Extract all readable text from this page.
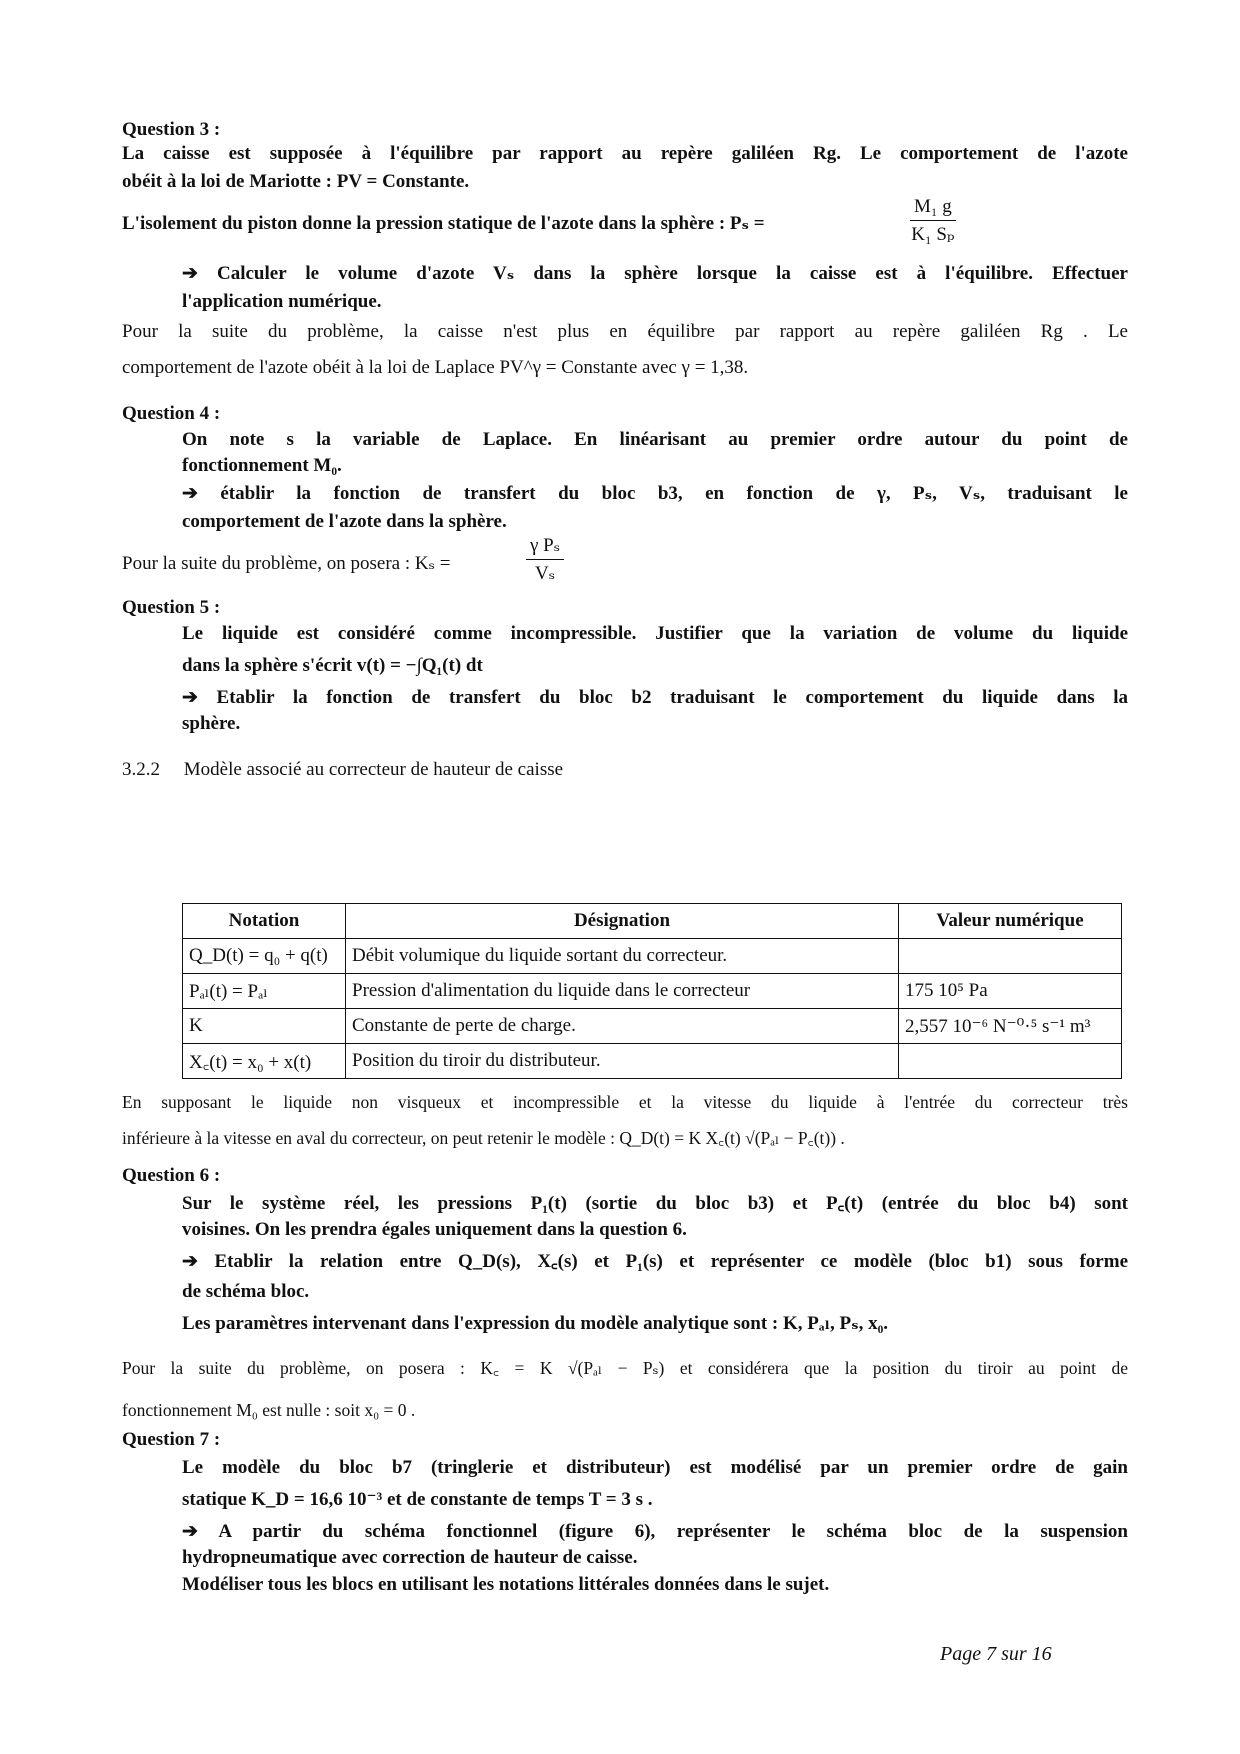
Question 3 :
La caisse est supposée à l'équilibre par rapport au repère galiléen Rg. Le comportement de l'azote
obéit à la loi de Mariotte : PV = Constante.
L'isolement du piston donne la pression statique de l'azote dans la sphère : Pₛ =	$\frac{\text{M₁ g}}{\text{K₁ Sₚ}}$
➔ Calculer le volume d'azote Vₛ dans la sphère lorsque la caisse est à l'équilibre. Effectuer
l'application numérique.
Pour la suite du problème, la caisse n'est plus en équilibre par rapport au repère galiléen Rg . Le
comportement de l'azote obéit à la loi de Laplace PV^γ = Constante avec γ = 1,38.
Question 4 :
On note s la variable de Laplace. En linéarisant au premier ordre autour du point de
fonctionnement M₀.
➔ établir la fonction de transfert du bloc b3, en fonction de γ, Pₛ, Vₛ, traduisant le
comportement de l'azote dans la sphère.
Pour la suite du problème, on posera : Kₛ =	$\frac{\text{γ Pₛ}}{\text{Vₛ}}$
Question 5 :
Le liquide est considéré comme incompressible. Justifier que la variation de volume du liquide
dans la sphère s'écrit v(t) = −∫Q₁(t) dt
➔ Etablir la fonction de transfert du bloc b2 traduisant le comportement du liquide dans la
sphère.
3.2.2     Modèle associé au correcteur de hauteur de caisse
Notation	Désignation	Valeur numérique
Q_D(t) = q₀ + q(t)	Débit volumique du liquide sortant du correcteur.	
Pₐₗ(t) = Pₐₗ	Pression d'alimentation du liquide dans le correcteur	175 10⁵ Pa
K	Constante de perte de charge.	2,557 10⁻⁶ N⁻⁰·⁵ s⁻¹ m³
X꜀(t) = x₀ + x(t)	Position du tiroir du distributeur.	
En supposant le liquide non visqueux et incompressible et la vitesse du liquide à l'entrée du correcteur très
inférieure à la vitesse en aval du correcteur, on peut retenir le modèle : Q_D(t) = K X꜀(t) √(Pₐₗ − P꜀(t)) .
Question 6 :
Sur le système réel, les pressions P₁(t) (sortie du bloc b3) et P꜀(t) (entrée du bloc b4) sont
voisines. On les prendra égales uniquement dans la question 6.
➔ Etablir la relation entre Q_D(s), X꜀(s) et P₁(s) et représenter ce modèle (bloc b1) sous forme
de schéma bloc.
Les paramètres intervenant dans l'expression du modèle analytique sont : K, Pₐₗ, Pₛ, x₀.
Pour la suite du problème, on posera : K꜀ = K √(Pₐₗ − Pₛ) et considérera que la position du tiroir au point de
fonctionnement M₀ est nulle : soit x₀ = 0 .
Question 7 :
Le modèle du bloc b7 (tringlerie et distributeur) est modélisé par un premier ordre de gain
statique K_D = 16,6 10⁻³ et de constante de temps T = 3 s .
➔ A partir du schéma fonctionnel (figure 6), représenter le schéma bloc de la suspension
hydropneumatique avec correction de hauteur de caisse.
Modéliser tous les blocs en utilisant les notations littérales données dans le sujet.
Page 7 sur 16
